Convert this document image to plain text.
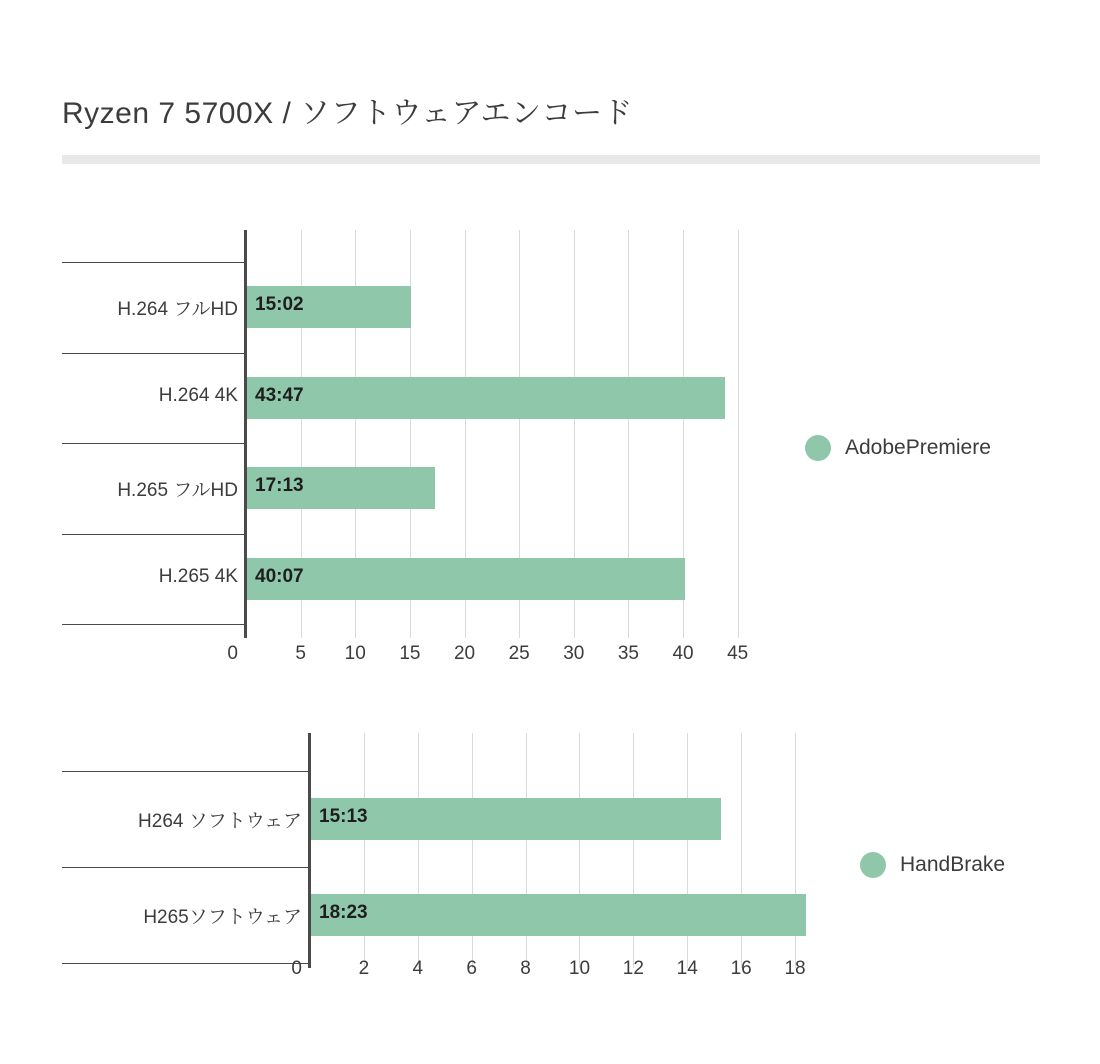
Ryzen 7 5700X / ソフトウェアエンコード
H.264 フルHD 15:02
H.264 4K 43:47
H.265 フルHD 17:13
H.265 4K 40:07
0	5	10	15	20	25	30	35	40	45
AdobePremiere
H264 ソフトウェア 15:13
H265ソフトウェア 18:23
0	2	4	6	8	10	12	14	16	18
HandBrake
